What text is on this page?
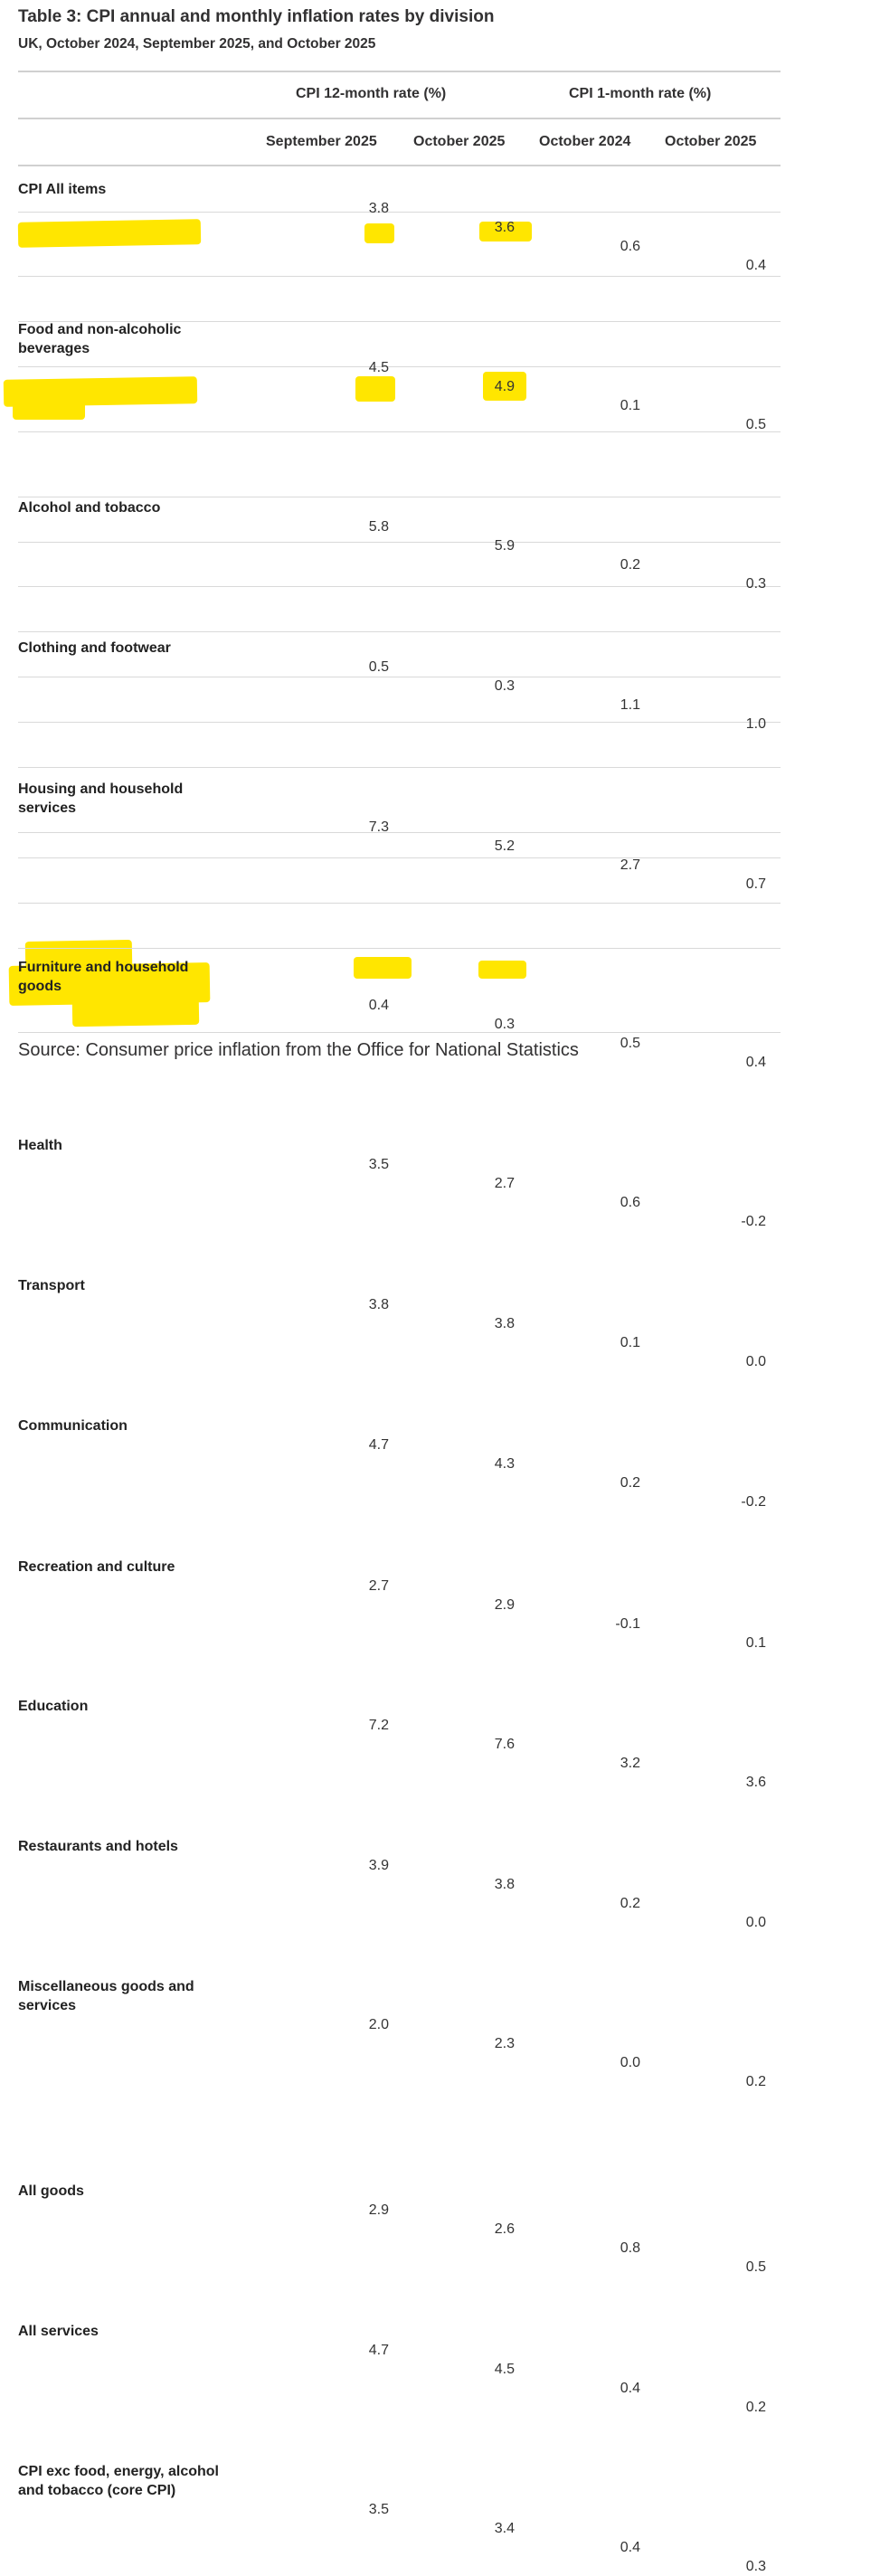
Table 3: CPI annual and monthly inflation rates by division
UK, October 2024, September 2025, and October 2025
CPI 12-month rate (%)	CPI 1-month rate (%)
September 2025	October 2025 October 2024 October 2025
CPI All items
3.8
3.6
0.6
0.4
Food and non-alcoholic beverages
4.5
4.9
0.1
0.5
Alcohol and tobacco
5.8
5.9
0.2
0.3
Clothing and footwear
0.5
0.3
1.1
1.0
Housing and household services
7.3
5.2
2.7
0.7
Furniture and household goods
0.4
0.3
0.5
0.4
Health
3.5
2.7
0.6
-0.2
Transport
3.8
3.8
0.1
0.0
Communication
4.7
4.3
0.2
-0.2
Recreation and culture
2.7
2.9
-0.1
0.1
Education
7.2
7.6
3.2
3.6
Restaurants and hotels
3.9
3.8
0.2
0.0
Miscellaneous goods and services
2.0
2.3
0.0
0.2
All goods
2.9
2.6
0.8
0.5
All services
4.7
4.5
0.4
0.2
CPI exc food, energy, alcohol and tobacco (core CPI)
3.5
3.4
0.4
0.3
Source: Consumer price inflation from the Office for National Statistics
